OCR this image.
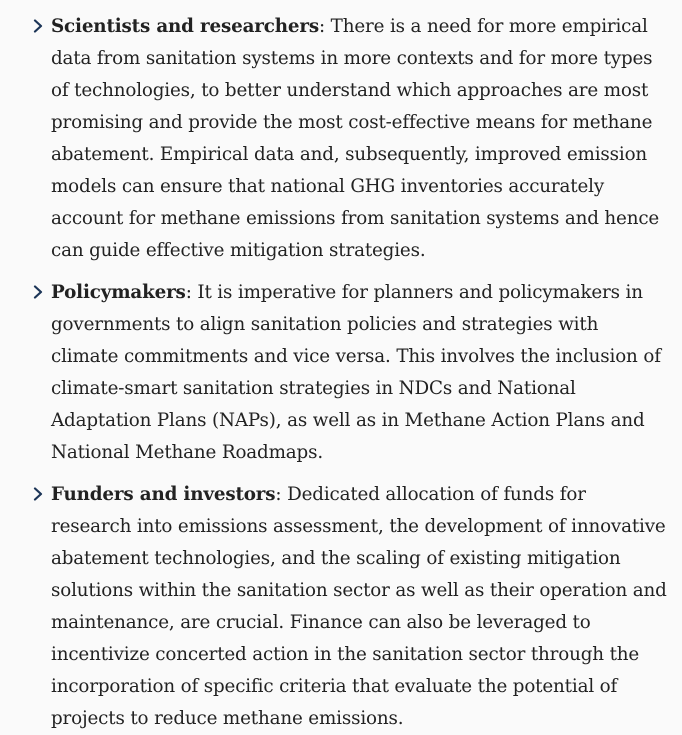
Scientists and researchers: There is a need for more empirical data from sanitation systems in more contexts and for more types of technologies, to better understand which approaches are most promising and provide the most cost-effective means for methane abatement. Empirical data and, subsequently, improved emission models can ensure that national GHG inventories accurately account for methane emissions from sanitation systems and hence can guide effective mitigation strategies.
Policymakers: It is imperative for planners and policymakers in governments to align sanitation policies and strategies with climate commitments and vice versa. This involves the inclusion of climate-smart sanitation strategies in NDCs and National Adaptation Plans (NAPs), as well as in Methane Action Plans and National Methane Roadmaps.
Funders and investors: Dedicated allocation of funds for research into emissions assessment, the development of innovative abatement technologies, and the scaling of existing mitigation solutions within the sanitation sector as well as their operation and maintenance, are crucial. Finance can also be leveraged to incentivize concerted action in the sanitation sector through the incorporation of specific criteria that evaluate the potential of projects to reduce methane emissions.
